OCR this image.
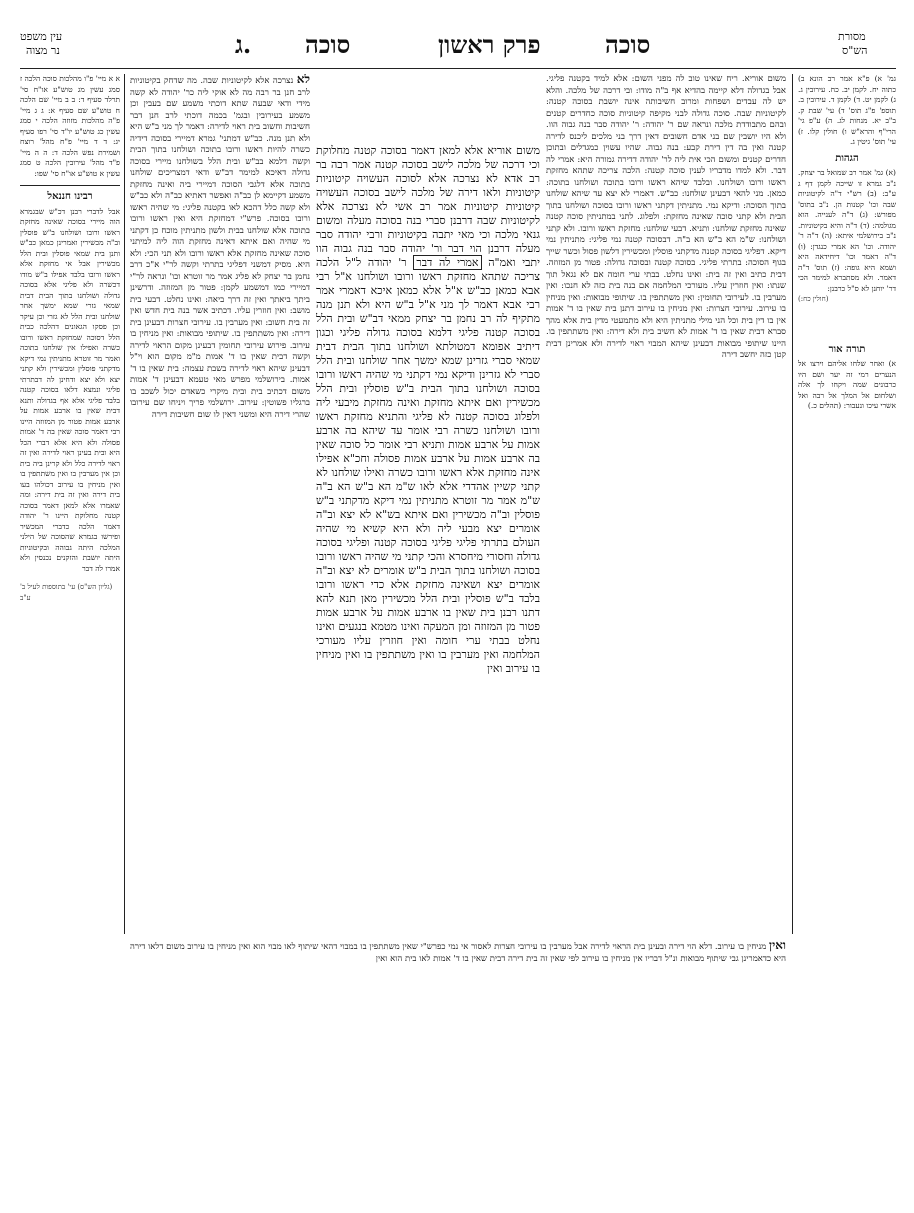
עין משפט
נר מצוה	ג. סוכה	פרק ראשון	סוכה	מסורת
הש"ס
א א מיי' פ"ו מהלכות סוכה הלכה ז סמג עשין מג טוש"ע או"ח סי' תרלד סעיף ד: ב ב מיי' שם הלכה ח טוש"ע שם סעיף א: ג ג מיי' פ"ה מהלכות מזוזה הלכה י סמג עשין כג טוש"ע יו"ד סי' רפו סעיף יג: ד ד מיי' פ"ח מהל' רוצח ושמירת נפש הלכה ד: ה ה מיי' פ"ד מהל' עירובין הלכה ט סמג עשין א טוש"ע או"ח סי' שפו:
רבינו חננאל
אבל לדברי רבנן דכ"ש שבגמרא הוה מיירי בסוכה שאינה מחזקת ראשו ורובו ושולחנו ב"ש פוסלין וב"ה מכשירין ואמרינן כמאן כב"ש ותנן בית שמאי פוסלין ובית הלל מכשירין אבל אי מחזקת אלא ראשו ורובו בלבד אפילו ב"ש מודו דכשרה ולא פליגי אלא בסוכה גדולה ושולחנו בתוך הבית דבית שמאי גזרי שמא ימשך אחר שולחנו ובית הלל לא גזרי וכן עיקר וכן פסקו הגאונים דהלכה כבית הלל דסוכה שמחזקת ראשו ורובו כשרה ואפילו אין שולחנו בתוכה ואמר מר זוטרא מתניתין נמי דיקא מדקתני פוסלין ומכשירין ולא קתני יצא ולא יצא ודחינן לה דבתרתי פליגי ונמצא דלאו בסוכה קטנה בלבד פליגי אלא אף בגדולה ותנא דבית שאין בו ארבע אמות על ארבע אמות פטור מן המזוזה היינו רבי דאמר סוכה שאין בה ד' אמות פסולה ולא היא אלא דברי הכל היא ובית בעינן ראוי לדירה ואין זה ראוי לדירה כלל ולא קרינן ביה בית וכן אין מערבין בו ואין משתתפין בו ואין מניחין בו עירוב דכולהו בעו בית דירה ואין זה בית דירה: ומה שאמרו אלא למאן דאמר בסוכה קטנה מחלוקת היינו ר' יהודה דאמר הלכה כדברי המכשיר ופירשו בגמרא שהסוכה של הילני המלכה היתה גבוהה ובקיטוניות היתה יושבת והזקנים נכנסין ולא אמרו לה דבר
(גליון הש"ס) עי' בתוספות לעיל ב' ע"ב
לא נצרכה אלא לקיטוניות שבה. מה שדחק בקיטוניות לרב חנן בר רבה מה לא אוקי ליה כר' יהודה לא קשה מידי ודאי שבעה שתא דוכתי משמע שם בעבין וכן משמע בעירובין ובגמ' בכמה דוכתי לרב חנן דבר חשיבות וחשוב בית ראוי לדירה: דאמר לך מני ב"ש היא ולא תנן מנה. כב"ש דמתני' גמרא דמיירי בסוכה דידיה כשרה להיות ראשו ורובו בתוכה ושולחנו בתוך הבית וקשה דלמא בב"ש ובית הלל בשולחנו מיירי בסוכה גדולה דאיכא למימר דב"ש ודאי דמצריכים שולחנו בתוכה אלא דלגבי הסוכה דמיירי ביה ואינה מחזקת משמע דקיימא לן כב"ה ואפשר דאתיא כב"ה ולא כב"ש ולא קשה כלל דהכא לאו בקטנה פליגי: מי שהיה ראשו ורובו בסוכה. פרש"י דמחזקת היא ואין ראשו ורובו בתוכה אלא שולחנו בבית ולשון מתניתין מוכח כן דקתני מי שהיה ואם איתא דאינה מחזקת הוה ליה למיתני סוכה שאינה מחזקת אלא ראשו ורובו ולא תני הכי: ולא היא. מסיק דמשני דפליגי בתרתי וקשה לר"י א"כ דרב נחמן בר יצחק לא פליג אמר מר זוטרא וכו' ונראה לר"י דמיירי כמו דמשמע לקמן: פטור מן המזוזה. ודרשינן ביתך ביאתך ואין זה דרך ביאה: ואינו נחלט. דבעי בית מושב: ואין חוזרין עליו. דכתיב אשר בנה בית חדש ואין זה בית חשוב: ואין מערבין בו. עירובי חצרות דבעינן בית דירה: ואין משתתפין בו. שיתופי מבואות: ואין מניחין בו עירוב. פירוש עירובי תחומין דבעינן מקום הראוי לדירה וקשה דבית שאין בו ד' אמות מ"מ מקום הוא וי"ל דבעינן שיהא ראוי לדירה בשבת עצמה: בית שאין בו ד' אמות. בירושלמי מפרש מאי טעמא דבעינן ד' אמות משום דכתיב בית ובית מיקרי כשאדם יכול לשכב בו ברגליו פשוטין: עירוב. ירושלמי פריך ויניחו שם עירובו שהרי דירה היא ומשני דאין לו שום חשיבות דירה
משום אוריא אלא למאן דאמר בסוכה קטנה מחלוקת וכי דרכה של מלכה לישב בסוכה קטנה אמר רבה בר רב אדא לא נצרכה אלא לסוכה העשויה קיטוניות קיטוניות ולאו דירה של מלכה לישב בסוכה העשויה קיטוניות קיטוניות אמר רב אשי לא נצרכה אלא לקיטוניות שבה דרבנן סברי בנה בסוכה מעלה ומשום גנאי מלכה וכי מאי יתבה בקיטוניות ורבי יהודה סבר מעלה דרבנן הוי דבר ור' יהודה סבר בנה גבוה הוו יתבי ואמ"ה אמרי לה דבר ר' יהודה ל"ל הלכה צריכה שתהא מחזקת ראשו ורובו ושולחנו א"ל רבי אבא כמאן כב"ש א"ל אלא כמאן איכא דאמרי אמר רבי אבא דאמר לך מני א"ל ב"ש היא ולא תנן מנה מתקיף לה רב נחמן בר יצחק ממאי דב"ש ובית הלל בסוכה קטנה פליגי דלמא בסוכה גדולה פליגי וכגון דיתיב אפומא דמטולתא ושולחנו בתוך הבית דבית שמאי סברי גזרינן שמא ימשך אחר שולחנו ובית הלל סברי לא גזרינן ודיקא נמי דקתני מי שהיה ראשו ורובו בסוכה ושולחנו בתוך הבית ב"ש פוסלין ובית הלל מכשירין ואם איתא מחזקת ואינה מחזקת מיבעי ליה ולפלוג בסוכה קטנה לא פליגי והתניא מחזקת ראשו ורובו ושולחנו כשרה רבי אומר עד שיהא בה ארבע אמות על ארבע אמות ותניא רבי אומר כל סוכה שאין בה ארבע אמות על ארבע אמות פסולה וחכ"א אפילו אינה מחזקת אלא ראשו ורובו כשרה ואילו שולחנו לא קתני קשיין אהדדי אלא לאו ש"מ הא ב"ש הא ב"ה ש"מ אמר מר זוטרא מתניתין נמי דיקא מדקתני ב"ש פוסלין וב"ה מכשירין ואם איתא בש"א לא יצא וב"ה אומרים יצא מבעי ליה ולא היא קשיא מי שהיה העולם בתרתי פליגי פליגי בסוכה קטנה ופליגי בסוכה גדולה וחסורי מיחסרא והכי קתני מי שהיה ראשו ורובו בסוכה ושולחנו בתוך הבית ב"ש אומרים לא יצא וב"ה אומרים יצא ושאינה מחזקת אלא כדי ראשו ורובו בלבד ב"ש פוסלין ובית הלל מכשירין מאן תנא להא דתנו רבנן בית שאין בו ארבע אמות על ארבע אמות פטור מן המזוזה ומן המעקה ואינו מטמא בנגעים ואינו נחלט בבתי ערי חומה ואין חוזרין עליו מעורכי המלחמה ואין מערבין בו ואין משתתפין בו ואין מניחין בו עירוב ואין
משום אוריא. ריח שאינו טוב לה מפני השום: אלא למיד בקטנה פליגי. אבל בגדולה דלא קיימה בהדיא אף ב"ה מודו: ובי דרכה של מלכה. והלא יש לה עבדים ושפחות ומרוב חשיבותה אינה יושבת בסוכה קטנה: לקיטוניות שבה. סוכה גדולה לבני מקיפה קיטוניות סוכה כחדרים קטנים ובהם מתבודדת מלכה ונראה שם ר' יהודה: ר' יהודה סבר בנה גבוה הוו. ולא היו יושבין שם בני אדם חשובים דאין דרך בני מלכים ליכנס לדירה קטנה ואין בה דין דירת קבע: בנה גבוה. שהיו עשוין כמגדלים ובתוכן חדרים קטנים ומשום הכי אית ליה לר' יהודה דדירה גמורה היא: אמרי לה דבר. ולא למדו מדבריו לענין סוכה קטנה: הלכה צריכה שתהא מחזקת ראשו ורובו ושולחנו. ובלבד שיהא ראשו ורובו בתוכה ושולחנו בתוכה: כמאן. מני להאי דבעינן שולחנו: כב"ש. דאמרי לא יצא עד שיהא שולחנו בתוך הסוכה: ודיקא נמי. מתניתין דקתני ראשו ורובו בסוכה ושולחנו בתוך הבית ולא קתני סוכה שאינה מחזקת: ולפלוג. לתני במתניתין סוכה קטנה שאינה מחזקת שולחנו: ותניא. דבעי שולחנו: מחזקת ראשו ורובו. ולא קתני ושולחנו: ש"מ הא ב"ש הא ב"ה. דבסוכה קטנה נמי פליגי: מתניתין נמי דיקא. דפליגי בסוכה קטנה מדקתני פוסלין ומכשירין דלשון פסול וכשר שייך בגוף הסוכה: בתרתי פליגי. בסוכה קטנה ובסוכה גדולה: פטור מן המזוזה. דבית כתיב ואין זה בית: ואינו נחלט. בבתי ערי חומה אם לא נגאל תוך שנתו: ואין חוזרין עליו. מעורכי המלחמה אם בנה בית כזה לא חנכו: ואין מערבין בו. לעירובי תחומין: ואין משתתפין בו. שיתופי מבואות: ואין מניחין בו עירוב. עירובי חצרות: ואין מניחין בו עירוב דתנן בית שאין בו ד' אמות אין בו דין בית וכל הני מילי מתניתין היא ולא מתמעטי מדין בית אלא מהך סברא דבית שאין בו ד' אמות לא חשיב בית ולא דירה: ואין משתתפין בו. היינו שיתופי מבואות דבעינן שיהא המבוי ראוי לדירה ולא אמרינן דבית קטן כזה יחשב דירה
גמ' א) פ"א אמר רב הונא ב) כתוה יח. לקמן יב. כח. עירובין ג. ג) לקמן יט. ד) לקמן ד. עירובין ב. תוספ' פ"ג תוס' ד) עי' שבת ק. ב"ב יא. מנחות לג. ה) ע"פ גי' הרי"ף והרא"ש ו) חולין קלו. ז) עי' תוס' גיטין ג.
הגהות
(א) גמ' אמר רב שמואל בר יצחק. נ"ב גמרא זו שייכה לקמן דף ג ע"ב: (ב) רש"י ד"ה לקיטוניות שבה וכו' קטנות הן. נ"ב בתוס' מפורש: (ג) ד"ה לענייה. הוא מגולמה: (ד) ד"ה והיא בקיטוניות. נ"ב בירושלמי איתא: (ה) ד"ה ר' יהודה. וכו' הא אמרי כנגדן: (ו) ד"ה דאמר וכו' דיחידאה היא ושמא היא גופה: (ז) תוס' ד"ה דאמר. ולא מסתברא למימר הכי דר' יוחנן לא ס"ל כרבנן:
(חולין כח:)
תורה אור
א) ואחר שלחו אליהם וירצו אל הנערים רמי זה יער ושם היו כרבונים שמה ויקחו לך אלה ושלחום אל המלך אל רבה ואל אשרי עיכו ונעבור: (תהלים כ.)
ואין מניחין בו עירוב. דלא הוי דירה ובעינן בית הראוי לדירה אבל מערבין בו עירובי חצרות לאסור אי נמי כפרש"י שאין משתתפין בו במבוי דהאי שיתוף לאו מבוי הוא ואין מניחין בו עירוב משום דלאו דירה היא כדאמרינן גבי שיתוף מבואות ונ"ל דבריו אין מניחין בו עירוב לפי שאין זה בית דירה דבית שאין בו ד' אמות לאו בית הוא ואין
